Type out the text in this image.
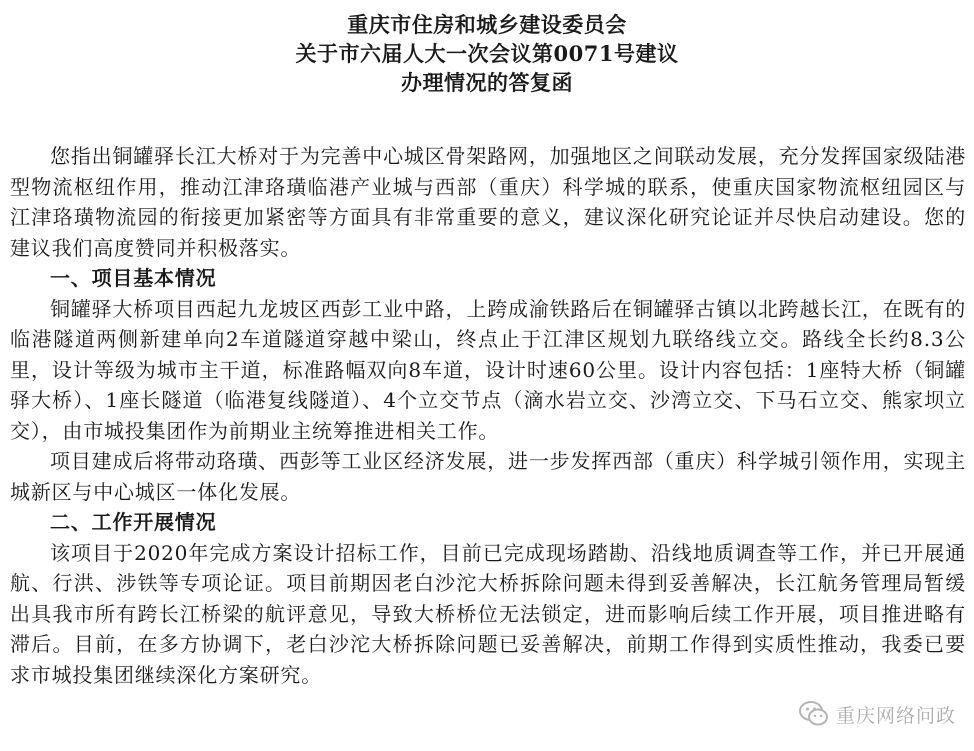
重庆市住房和城乡建设委员会
关于市六届人大一次会议第0071号建议
办理情况的答复函

您指出铜罐驿长江大桥对于为完善中心城区骨架路网，加强地区之间联动发展，充分发挥国家级陆港型物流枢纽作用，推动江津珞璜临港产业城与西部（重庆）科学城的联系，使重庆国家物流枢纽园区与江津珞璜物流园的衔接更加紧密等方面具有非常重要的意义，建议深化研究论证并尽快启动建设。您的建议我们高度赞同并积极落实。

一、项目基本情况

铜罐驿大桥项目西起九龙坡区西彭工业中路，上跨成渝铁路后在铜罐驿古镇以北跨越长江，在既有的临港隧道两侧新建单向2车道隧道穿越中梁山，终点止于江津区规划九联络线立交。路线全长约8.3公里，设计等级为城市主干道，标准路幅双向8车道，设计时速60公里。设计内容包括：1座特大桥（铜罐驿大桥）、1座长隧道（临港复线隧道）、4个立交节点（滴水岩立交、沙湾立交、下马石立交、熊家坝立交），由市城投集团作为前期业主统筹推进相关工作。

项目建成后将带动珞璜、西彭等工业区经济发展，进一步发挥西部（重庆）科学城引领作用，实现主城新区与中心城区一体化发展。

二、工作开展情况

该项目于2020年完成方案设计招标工作，目前已完成现场踏勘、沿线地质调查等工作，并已开展通航、行洪、涉铁等专项论证。项目前期因老白沙沱大桥拆除问题未得到妥善解决，长江航务管理局暂缓出具我市所有跨长江桥梁的航评意见，导致大桥桥位无法锁定，进而影响后续工作开展，项目推进略有滞后。目前，在多方协调下，老白沙沱大桥拆除问题已妥善解决，前期工作得到实质性推动，我委已要求市城投集团继续深化方案研究。

重庆网络问政
